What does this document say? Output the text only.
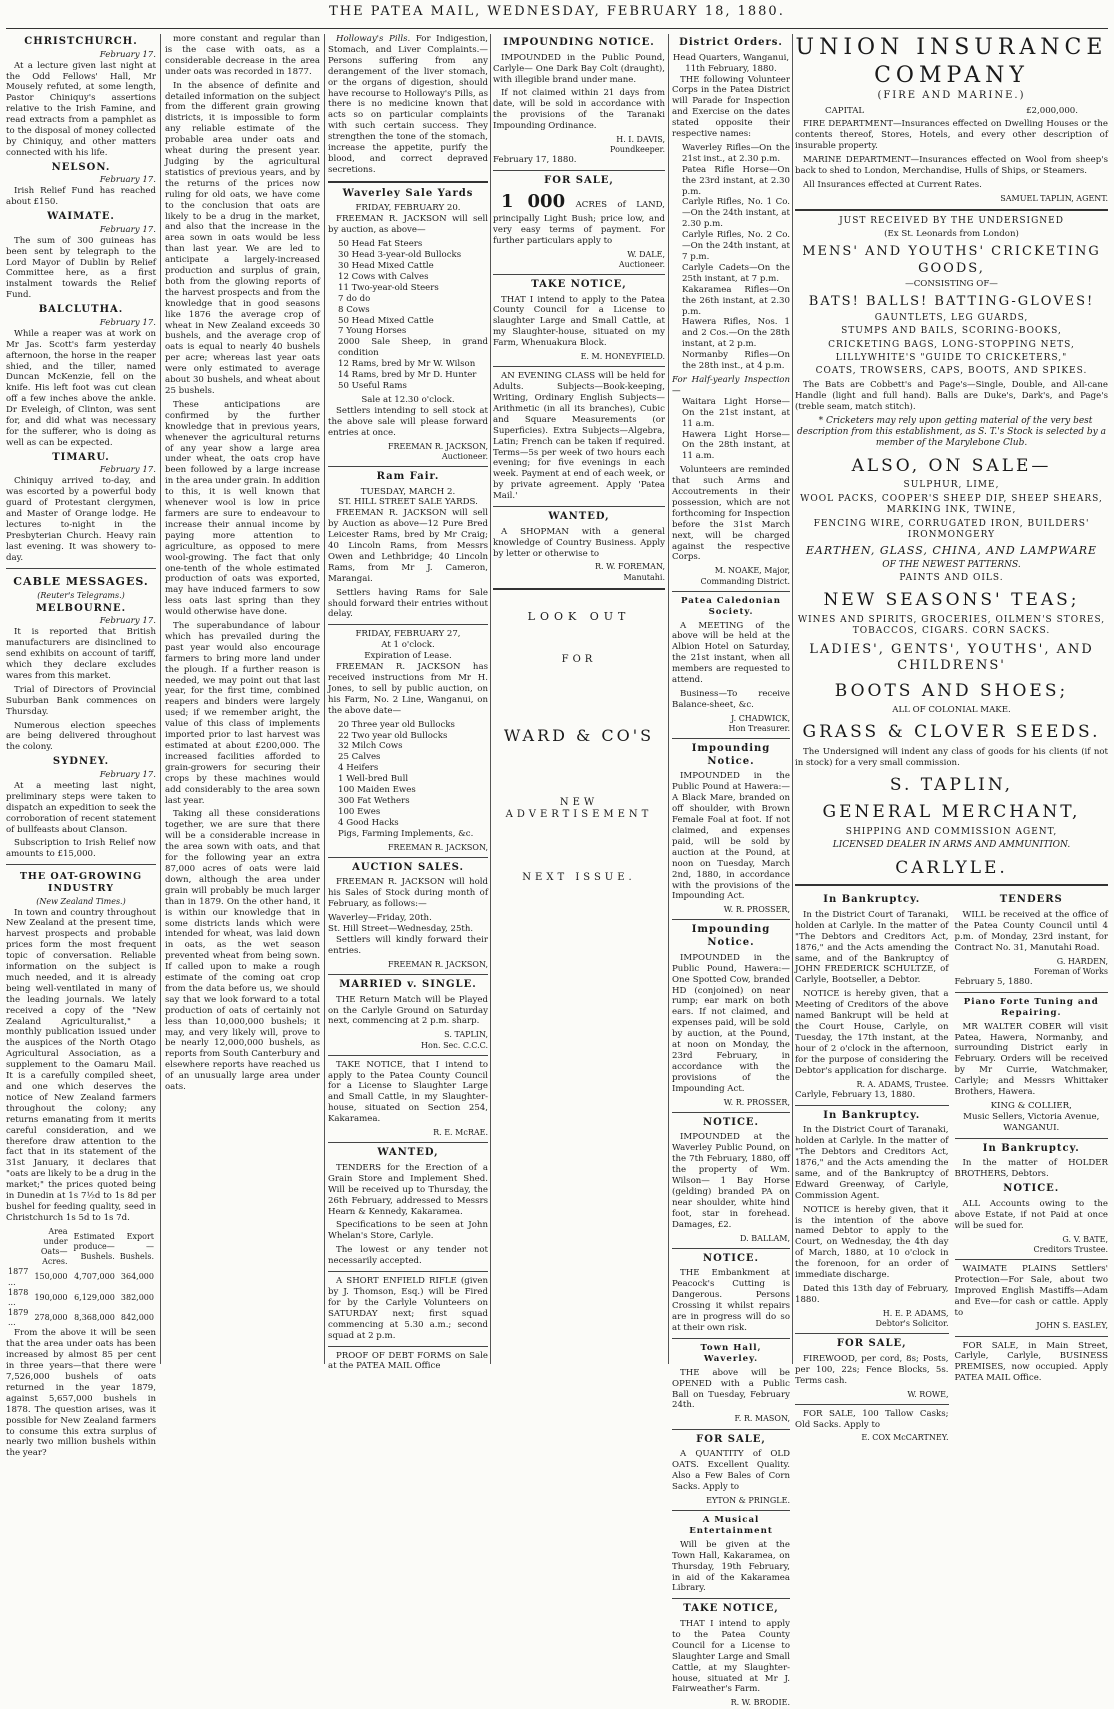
THE PATEA MAIL, WEDNESDAY, FEBRUARY 18, 1880.
CHRISTCHURCH.
February 17.

At a lecture given last night at the Odd Fellows' Hall, Mr Mousely refuted, at some length, Pastor Chiniquy's assertions relative to the Irish Famine, and read extracts from a pamphlet as to the disposal of money collected by Chiniquy, and other matters connected with his life.

NELSON.
February 17.

Irish Relief Fund has reached about £150.

WAIMATE.
February 17.

The sum of 300 guineas has been sent by telegraph to the Lord Mayor of Dublin by Relief Committee here, as a first instalment towards the Relief Fund.

BALCLUTHA.
February 17.

While a reaper was at work on Mr Jas. Scott's farm yesterday afternoon, the horse in the reaper shied, and the tiller, named Duncan McKenzie, fell on the knife. His left foot was cut clean off a few inches above the ankle. Dr Eveleigh, of Clinton, was sent for, and did what was necessary for the sufferer, who is doing as well as can be expected.

TIMARU.
February 17.

Chiniquy arrived to-day, and was escorted by a powerful body guard of Protestant clergymen, and Master of Orange lodge. He lectures to-night in the Presbyterian Church. Heavy rain last evening. It was showery to-day.

CABLE MESSAGES.
(Reuter's Telegrams.)
MELBOURNE.
February 17.

It is reported that British manufacturers are disinclined to send exhibits on account of tariff, which they declare excludes wares from this market.

Trial of Directors of Provincial Suburban Bank commences on Thursday.

Numerous election speeches are being delivered throughout the colony.

SYDNEY.
February 17.

At a meeting last night, preliminary steps were taken to dispatch an expedition to seek the corroboration of recent statement of bullfeasts about Clanson.

Subscription to Irish Relief now amounts to £15,000.

THE OAT-GROWING INDUSTRY
(New Zealand Times.)

In town and country throughout New Zealand at the present time, harvest prospects and probable prices form the most frequent topic of conversation. Reliable information on the subject is much needed, and it is already being well-ventilated in many of the leading journals. We lately received a copy of the "New Zealand Agriculturalist," a monthly publication issued under the auspices of the North Otago Agricultural Association, as a supplement to the Oamaru Mail. It is a carefully compiled sheet, and one which deserves the notice of New Zealand farmers throughout the colony; any returns emanating from it merits careful consideration, and we therefore draw attention to the fact that in its statement of the 31st January, it declares that "oats are likely to be a drug in the market;" the prices quoted being in Dunedin at 1s 7½d to 1s 8d per bushel for feeding quality, seed in Christchurch 1s 5d to 1s 7d.

	Area under Oats—Acres.	Estimated produce—Bushels.	Export—Bushels.
1877 ...	150,000	4,707,000	364,000
1878 ...	190,000	6,129,000	382,000
1879 ...	278,000	8,368,000	842,000

From the above it will be seen that the area under oats has been increased by almost 85 per cent in three years—that there were 7,526,000 bushels of oats returned in the year 1879, against 5,657,000 bushels in 1878. The question arises, was it possible for New Zealand farmers to consume this extra surplus of nearly two million bushels within the year?

more constant and regular than is the case with oats, as a considerable decrease in the area under oats was recorded in 1877.

In the absence of definite and detailed information on the subject from the different grain growing districts, it is impossible to form any reliable estimate of the probable area under oats and wheat during the present year. Judging by the agricultural statistics of previous years, and by the returns of the prices now ruling for old oats, we have come to the conclusion that oats are likely to be a drug in the market, and also that the increase in the area sown in oats would be less than last year. We are led to anticipate a largely-increased production and surplus of grain, both from the glowing reports of the harvest prospects and from the knowledge that in good seasons like 1876 the average crop of wheat in New Zealand exceeds 30 bushels, and the average crop of oats is equal to nearly 40 bushels per acre; whereas last year oats were only estimated to average about 30 bushels, and wheat about 25 bushels.

These anticipations are confirmed by the further knowledge that in previous years, whenever the agricultural returns of any year show a large area under wheat, the oats crop have been followed by a large increase in the area under grain. In addition to this, it is well known that whenever wool is low in price farmers are sure to endeavour to increase their annual income by paying more attention to agriculture, as opposed to mere wool-growing. The fact that only one-tenth of the whole estimated production of oats was exported, may have induced farmers to sow less oats last spring than they would otherwise have done.

The superabundance of labour which has prevailed during the past year would also encourage farmers to bring more land under the plough. If a further reason is needed, we may point out that last year, for the first time, combined reapers and binders were largely used; if we remember aright, the value of this class of implements imported prior to last harvest was estimated at about £200,000. The increased facilities afforded to grain-growers for securing their crops by these machines would add considerably to the area sown last year.

Taking all these considerations together, we are sure that there will be a considerable increase in the area sown with oats, and that for the following year an extra 87,000 acres of oats were laid down, although the area under grain will probably be much larger than in 1879. On the other hand, it is within our knowledge that in some districts lands which were intended for wheat, was laid down in oats, as the wet season prevented wheat from being sown. If called upon to make a rough estimate of the coming oat crop from the data before us, we should say that we look forward to a total production of oats of certainly not less than 10,000,000 bushels; it may, and very likely will, prove to be nearly 12,000,000 bushels, as reports from South Canterbury and elsewhere reports have reached us of an unusually large area under oats.

Holloway's Pills. For Indigestion, Stomach, and Liver Complaints.—Persons suffering from any derangement of the liver stomach, or the organs of digestion, should have recourse to Holloway's Pills, as there is no medicine known that acts so on particular complaints with such certain success. They strengthen the tone of the stomach, increase the appetite, purify the blood, and correct depraved secretions.

Waverley Sale Yards
FRIDAY, FEBRUARY 20.

FREEMAN R. JACKSON will sell by auction, as above—

50 Head Fat Steers
30 Head 3-year-old Bullocks
30 Head Mixed Cattle
12 Cows with Calves
11 Two-year-old Steers
7 do do
8 Cows
50 Head Mixed Cattle
7 Young Horses
2000 Sale Sheep, in grand condition
12 Rams, bred by Mr W. Wilson
14 Rams, bred by Mr D. Hunter
50 Useful Rams
Sale at 12.30 o'clock.

Settlers intending to sell stock at the above sale will please forward entries at once.

FREEMAN R. JACKSON,
Auctioneer.
Ram Fair.
TUESDAY, MARCH 2.
ST. HILL STREET SALE YARDS.

FREEMAN R. JACKSON will sell by Auction as above—12 Pure Bred Leicester Rams, bred by Mr Craig; 40 Lincoln Rams, from Messrs Owen and Lethbridge; 40 Lincoln Rams, from Mr J. Cameron, Marangai.

Settlers having Rams for Sale should forward their entries without delay.

FRIDAY, FEBRUARY 27,
At 1 o'clock.
Expiration of Lease.

FREEMAN R. JACKSON has received instructions from Mr H. Jones, to sell by public auction, on his Farm, No. 2 Line, Wanganui, on the above date—

20 Three year old Bullocks
22 Two year old Bullocks
32 Milch Cows
25 Calves
4 Heifers
1 Well-bred Bull
100 Maiden Ewes
300 Fat Wethers
100 Ewes
4 Good Hacks
Pigs, Farming Implements, &c.
FREEMAN R. JACKSON,
AUCTION SALES.

FREEMAN R. JACKSON will hold his Sales of Stock during month of February, as follows:—

Waverley—Friday, 20th.
St. Hill Street—Wednesday, 25th.

Settlers will kindly forward their entries.

FREEMAN R. JACKSON,
MARRIED v. SINGLE.

THE Return Match will be Played on the Carlyle Ground on Saturday next, commencing at 2 p.m. sharp.

S. TAPLIN,
Hon. Sec. C.C.C.

TAKE NOTICE, that I intend to apply to the Patea County Council for a License to Slaughter Large and Small Cattle, in my Slaughter-house, situated on Section 254, Kakaramea.

R. E. McRAE.
WANTED,

TENDERS for the Erection of a Grain Store and Implement Shed. Will be received up to Thursday, the 26th February, addressed to Messrs Hearn & Kennedy, Kakaramea.

Specifications to be seen at John Whelan's Store, Carlyle.

The lowest or any tender not necessarily accepted.

A SHORT ENFIELD RIFLE (given by J. Thomson, Esq.) will be Fired for by the Carlyle Volunteers on SATURDAY next; first squad commencing at 5.30 a.m.; second squad at 2 p.m.

PROOF OF DEBT FORMS on Sale at the PATEA MAIL Office

IMPOUNDING NOTICE.

IMPOUNDED in the Public Pound, Carlyle— One Dark Bay Colt (draught), with illegible brand under mane.

If not claimed within 21 days from date, will be sold in accordance with the provisions of the Taranaki Impounding Ordinance.

H. I. DAVIS,
Poundkeeper.
February 17, 1880.
FOR SALE,

1 000 ACRES of LAND, principally Light Bush; price low, and very easy terms of payment. For further particulars apply to

W. DALE,
Auctioneer.
TAKE NOTICE,

THAT I intend to apply to the Patea County Council for a License to slaughter Large and Small Cattle, at my Slaughter-house, situated on my Farm, Whenuakura Block.

E. M. HONEYFIELD.

AN EVENING CLASS will be held for Adults. Subjects—Book-keeping, Writing, Ordinary English Subjects—Arithmetic (in all its branches), Cubic and Square Measurements (or Superficies). Extra Subjects—Algebra, Latin; French can be taken if required. Terms—5s per week of two hours each evening; for five evenings in each week. Payment at end of each week, or by private agreement. Apply 'Patea Mail.'

WANTED,

A SHOPMAN with a general knowledge of Country Business. Apply by letter or otherwise to

R. W. FOREMAN,
Manutahi.
LOOK OUT
FOR
WARD & CO'S
NEW ADVERTISEMENT
NEXT ISSUE.
District Orders.
Head Quarters, Wanganui, 11th February, 1880.

THE following Volunteer Corps in the Patea District will Parade for Inspection and Exercise on the dates stated opposite their respective names:

Waverley Rifles—On the 21st inst., at 2.30 p.m.
Patea Rifle Horse—On the 23rd instant, at 2.30 p.m.
Carlyle Rifles, No. 1 Co.—On the 24th instant, at 2.30 p.m.
Carlyle Rifles, No. 2 Co.—On the 24th instant, at 7 p.m.
Carlyle Cadets—On the 25th instant, at 7 p.m.
Kakaramea Rifles—On the 26th instant, at 2.30 p.m.
Hawera Rifles, Nos. 1 and 2 Cos.—On the 28th instant, at 2 p.m.
Normanby Rifles—On the 28th inst., at 4 p.m.
For Half-yearly Inspection—
Waitara Light Horse—On the 21st instant, at 11 a.m.
Hawera Light Horse—On the 28th instant, at 11 a.m.

Volunteers are reminded that such Arms and Accoutrements in their possession, which are not forthcoming for Inspection before the 31st March next, will be charged against the respective Corps.

M. NOAKE, Major,
Commanding District.
Patea Caledonian Society.

A MEETING of the above will be held at the Albion Hotel on Saturday, the 21st instant, when all members are requested to attend.

Business—To receive Balance-sheet, &c.

J. CHADWICK,
Hon Treasurer.
Impounding Notice.

IMPOUNDED in the Public Pound at Hawera:— A Black Mare, branded on off shoulder, with Brown Female Foal at foot. If not claimed, and expenses paid, will be sold by auction at the Pound, at noon on Tuesday, March 2nd, 1880, in accordance with the provisions of the Impounding Act.

W. R. PROSSER,
Impounding Notice.

IMPOUNDED in the Public Pound, Hawera:— One Spotted Cow, branded HD (conjoined) on near rump; ear mark on both ears. If not claimed, and expenses paid, will be sold by auction, at the Pound, at noon on Monday, the 23rd February, in accordance with the provisions of the Impounding Act.

W. R. PROSSER,
NOTICE.

IMPOUNDED at the Waverley Public Pound, on the 7th February, 1880, off the property of Wm. Wilson— 1 Bay Horse (gelding) branded PA on near shoulder, white hind foot, star in forehead. Damages, £2.

D. BALLAM,
NOTICE.

THE Embankment at Peacock's Cutting is Dangerous. Persons Crossing it whilst repairs are in progress will do so at their own risk.

Town Hall, Waverley.

THE above will be OPENED with a Public Ball on Tuesday, February 24th.

F. R. MASON,
FOR SALE,

A QUANTITY of OLD OATS. Excellent Quality. Also a Few Bales of Corn Sacks. Apply to

EYTON & PRINGLE.
A Musical Entertainment

Will be given at the Town Hall, Kakaramea, on Thursday, 19th February, in aid of the Kakaramea Library.

TAKE NOTICE,

THAT I intend to apply to the Patea County Council for a License to Slaughter Large and Small Cattle, at my Slaughter-house, situated at Mr J. Fairweather's Farm.

R. W. BRODIE.
UNION INSURANCE COMPANY
(FIRE AND MARINE.)
CAPITAL	£2,000,000.

FIRE DEPARTMENT—Insurances effected on Dwelling Houses or the contents thereof, Stores, Hotels, and every other description of insurable property.

MARINE DEPARTMENT—Insurances effected on Wool from sheep's back to shed to London, Merchandise, Hulls of Ships, or Steamers.

All Insurances effected at Current Rates.

SAMUEL TAPLIN, AGENT.
JUST RECEIVED BY THE UNDERSIGNED
(Ex St. Leonards from London)
MENS' AND YOUTHS' CRICKETING GOODS,
—CONSISTING OF—
BATS! BALLS! BATTING-GLOVES!
GAUNTLETS, LEG GUARDS,
STUMPS AND BAILS, SCORING-BOOKS,
CRICKETING BAGS, LONG-STOPPING NETS,
LILLYWHITE'S "GUIDE TO CRICKETERS,"
COATS, TROWSERS, CAPS, BOOTS, AND SPIKES.

The Bats are Cobbett's and Page's—Single, Double, and All-cane Handle (light and full hand). Balls are Duke's, Dark's, and Page's (treble seam, match stitch).

* Cricketers may rely upon getting material of the very best description from this establishment, as S. T.'s Stock is selected by a member of the Marylebone Club.

ALSO, ON SALE—
SULPHUR, LIME,
WOOL PACKS, COOPER'S SHEEP DIP, SHEEP SHEARS, MARKING INK, TWINE,
FENCING WIRE, CORRUGATED IRON, BUILDERS' IRONMONGERY
EARTHEN, GLASS, CHINA, AND LAMPWARE
OF THE NEWEST PATTERNS.
PAINTS AND OILS.
NEW SEASONS' TEAS;
WINES AND SPIRITS, GROCERIES, OILMEN'S STORES, TOBACCOS, CIGARS. CORN SACKS.
LADIES', GENTS', YOUTHS', AND CHILDRENS'
BOOTS AND SHOES;
ALL OF COLONIAL MAKE.
GRASS & CLOVER SEEDS.

The Undersigned will indent any class of goods for his clients (if not in stock) for a very small commission.

S. TAPLIN,
GENERAL MERCHANT,
SHIPPING AND COMMISSION AGENT,
LICENSED DEALER IN ARMS AND AMMUNITION.
CARLYLE.
In Bankruptcy.

In the District Court of Taranaki, holden at Carlyle. In the matter of "The Debtors and Creditors Act, 1876," and the Acts amending the same, and of the Bankruptcy of JOHN FREDERICK SCHULTZE, of Carlyle, Bootseller, a Debtor.

NOTICE is hereby given, that a Meeting of Creditors of the above named Bankrupt will be held at the Court House, Carlyle, on Tuesday, the 17th instant, at the hour of 2 o'clock in the afternoon, for the purpose of considering the Debtor's application for discharge.

R. A. ADAMS, Trustee.
Carlyle, February 13, 1880.
In Bankruptcy.

In the District Court of Taranaki, holden at Carlyle. In the matter of "The Debtors and Creditors Act, 1876," and the Acts amending the same, and of the Bankruptcy of Edward Greenway, of Carlyle, Commission Agent.

NOTICE is hereby given, that it is the intention of the above named Debtor to apply to the Court, on Wednesday, the 4th day of March, 1880, at 10 o'clock in the forenoon, for an order of immediate discharge.

Dated this 13th day of February, 1880.

H. E. P. ADAMS,
Debtor's Solicitor.
FOR SALE,

FIREWOOD, per cord, 8s; Posts, per 100, 22s; Fence Blocks, 5s. Terms cash.

W. ROWE,

FOR SALE, 100 Tallow Casks; Old Sacks. Apply to

E. COX McCARTNEY.
TENDERS

WILL be received at the office of the Patea County Council until 4 p.m. of Monday, 23rd instant, for Contract No. 31, Manutahi Road.

G. HARDEN,
Foreman of Works
February 5, 1880.
Piano Forte Tuning and Repairing.

MR WALTER COBER will visit Patea, Hawera, Normanby, and surrounding District early in February. Orders will be received by Mr Currie, Watchmaker, Carlyle; and Messrs Whittaker Brothers, Hawera.

KING & COLLIER,
Music Sellers, Victoria Avenue,
WANGANUI.
In Bankruptcy.

In the matter of HOLDER BROTHERS, Debtors.

NOTICE.

ALL Accounts owing to the above Estate, if not Paid at once will be sued for.

G. V. BATE,
Creditors Trustee.

WAIMATE PLAINS Settlers' Protection—For Sale, about two Improved English Mastiffs—Adam and Eve—for cash or cattle. Apply to

JOHN S. EASLEY,

FOR SALE, in Main Street, Carlyle, Carlyle, BUSINESS PREMISES, now occupied. Apply PATEA MAIL Office.
